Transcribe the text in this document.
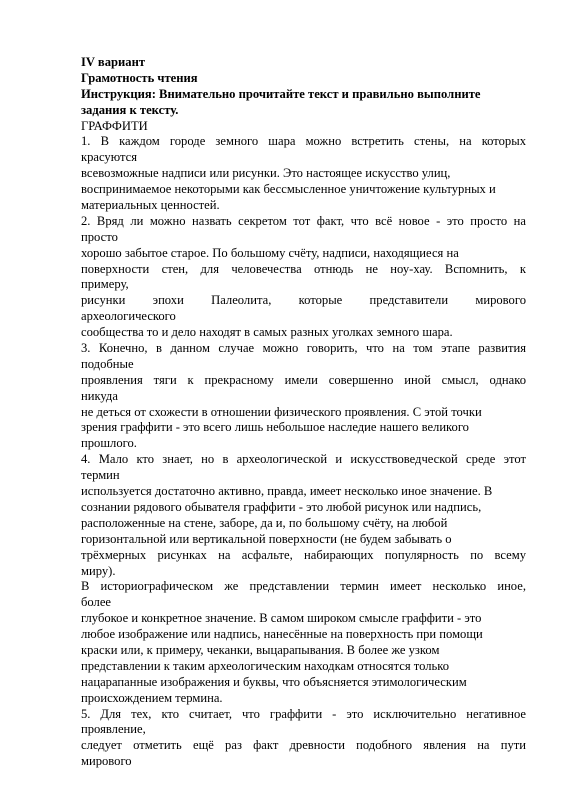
IV вариант
Грамотность чтения
Инструкция: Внимательно прочитайте текст и правильно выполните
задания к тексту.
ГРАФФИТИ
1. В каждом городе земного шара можно встретить стены, на которых
красуются
всевозможные надписи или рисунки. Это настоящее искусство улиц,
воспринимаемое некоторыми как бессмысленное уничтожение культурных и
материальных ценностей.
2. Вряд ли можно назвать секретом тот факт, что всё новое - это просто на
просто
хорошо забытое старое. По большому счёту, надписи, находящиеся на
поверхности стен, для человечества отнюдь не ноу-хау. Вспомнить, к
примеру,
рисунки эпохи Палеолита, которые представители мирового
археологического
сообщества то и дело находят в самых разных уголках земного шара.
3. Конечно, в данном случае можно говорить, что на том этапе развития
подобные
проявления тяги к прекрасному имели совершенно иной смысл, однако
никуда
не деться от схожести в отношении физического проявления. С этой точки
зрения граффити - это всего лишь небольшое наследие нашего великого
прошлого.
4. Мало кто знает, но в археологической и искусствоведческой среде этот
термин
используется достаточно активно, правда, имеет несколько иное значение. В
сознании рядового обывателя граффити - это любой рисунок или надпись,
расположенные на стене, заборе, да и, по большому счёту, на любой
горизонтальной или вертикальной поверхности (не будем забывать о
трёхмерных рисунках на асфальте, набирающих популярность по всему
миру).
В историографическом же представлении термин имеет несколько иное,
более
глубокое и конкретное значение. В самом широком смысле граффити - это
любое изображение или надпись, нанесённые на поверхность при помощи
краски или, к примеру, чеканки, выцарапывания. В более же узком
представлении к таким археологическим находкам относятся только
нацарапанные изображения и буквы, что объясняется этимологическим
происхождением термина.
5. Для тех, кто считает, что граффити - это исключительно негативное
проявление,
следует отметить ещё раз факт древности подобного явления на пути
мирового
